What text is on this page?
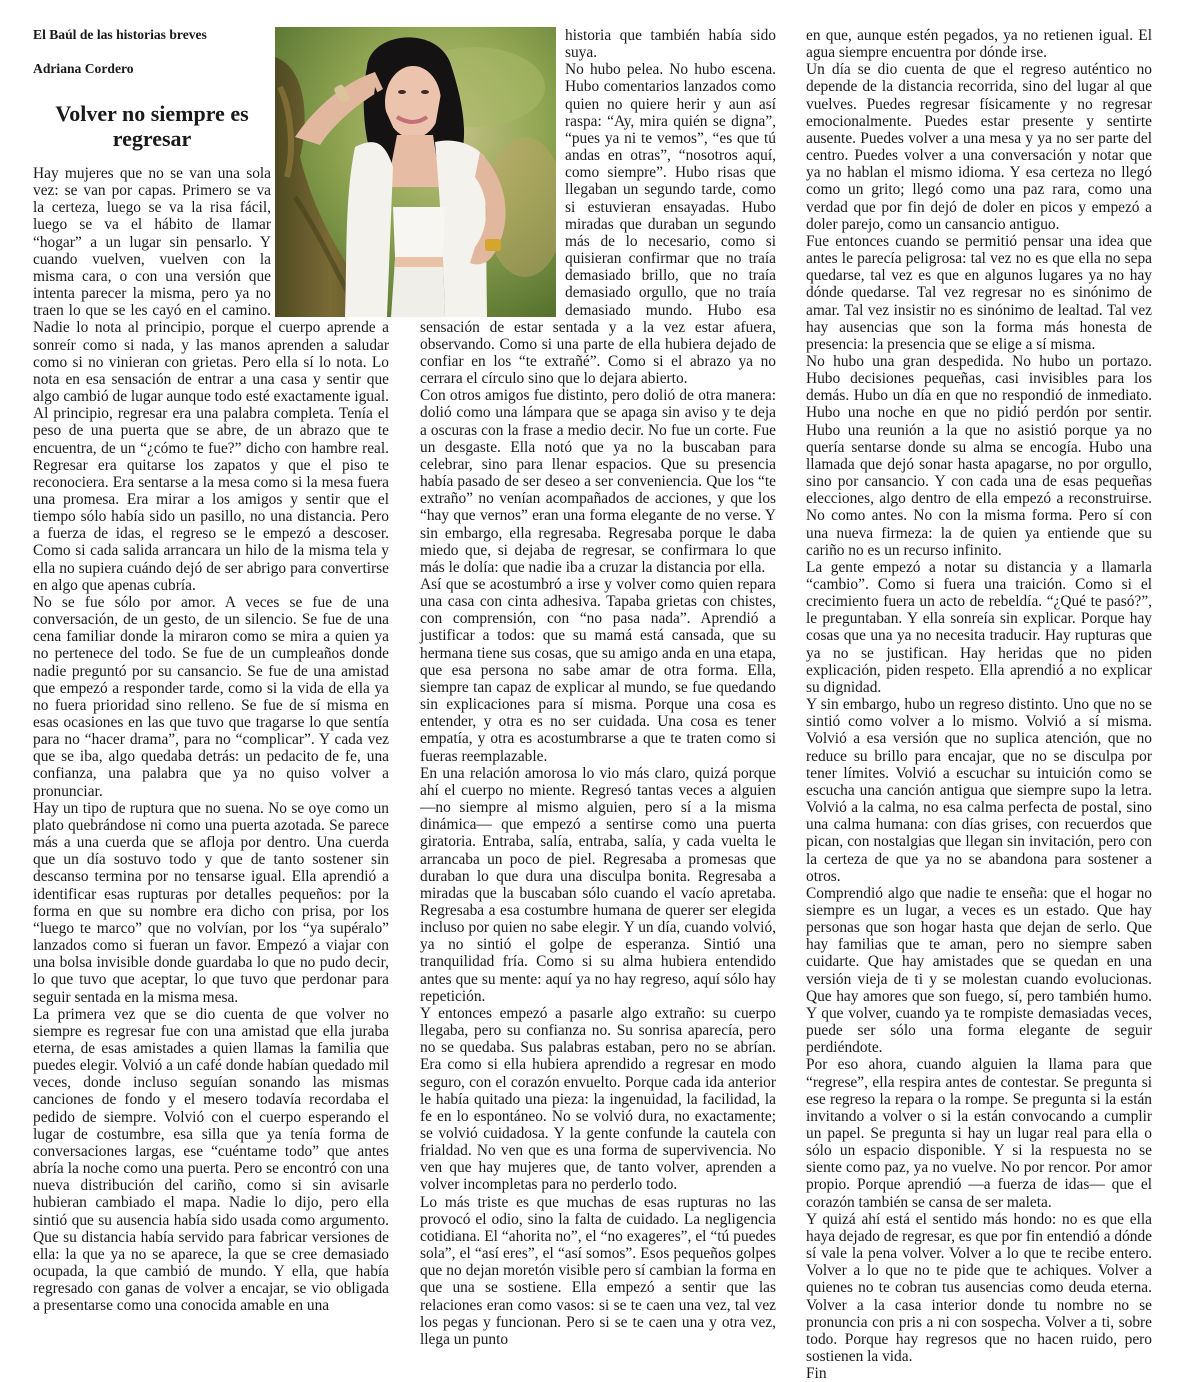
El Baúl de las historias breves

Adriana Cordero

Volver no siempre es regresar

Hay mujeres que no se van una sola vez: se van por capas. Primero se va la certeza, luego se va la risa fácil, luego se va el hábito de llamar “hogar” a un lugar sin pensarlo. Y cuando vuelven, vuelven con la misma cara, o con una versión que intenta parecer la misma, pero ya no traen lo que se les cayó en el camino. Nadie lo nota al principio, porque el cuerpo aprende a sonreír como si nada, y las manos aprenden a saludar como si no vinieran con grietas. Pero ella sí lo nota. Lo nota en esa sensación de entrar a una casa y sentir que algo cambió de lugar aunque todo esté exactamente igual.

Al principio, regresar era una palabra completa. Tenía el peso de una puerta que se abre, de un abrazo que te encuentra, de un “¿cómo te fue?” dicho con hambre real. Regresar era quitarse los zapatos y que el piso te reconociera. Era sentarse a la mesa como si la mesa fuera una promesa. Era mirar a los amigos y sentir que el tiempo sólo había sido un pasillo, no una distancia. Pero a fuerza de idas, el regreso se le empezó a descoser. Como si cada salida arrancara un hilo de la misma tela y ella no supiera cuándo dejó de ser abrigo para convertirse en algo que apenas cubría.

No se fue sólo por amor. A veces se fue de una conversación, de un gesto, de un silencio. Se fue de una cena familiar donde la miraron como se mira a quien ya no pertenece del todo. Se fue de un cumpleaños donde nadie preguntó por su cansancio. Se fue de una amistad que empezó a responder tarde, como si la vida de ella ya no fuera prioridad sino relleno. Se fue de sí misma en esas ocasiones en las que tuvo que tragarse lo que sentía para no “hacer drama”, para no “complicar”. Y cada vez que se iba, algo quedaba detrás: un pedacito de fe, una confianza, una palabra que ya no quiso volver a pronunciar.

Hay un tipo de ruptura que no suena. No se oye como un plato quebrándose ni como una puerta azotada. Se parece más a una cuerda que se afloja por dentro. Una cuerda que un día sostuvo todo y que de tanto sostener sin descanso termina por no tensarse igual. Ella aprendió a identificar esas rupturas por detalles pequeños: por la forma en que su nombre era dicho con prisa, por los “luego te marco” que no volvían, por los “ya supéralo” lanzados como si fueran un favor. Empezó a viajar con una bolsa invisible donde guardaba lo que no pudo decir, lo que tuvo que aceptar, lo que tuvo que perdonar para seguir sentada en la misma mesa.

La primera vez que se dio cuenta de que volver no siempre es regresar fue con una amistad que ella juraba eterna, de esas amistades a quien llamas la familia que puedes elegir. Volvió a un café donde habían quedado mil veces, donde incluso seguían sonando las mismas canciones de fondo y el mesero todavía recordaba el pedido de siempre. Volvió con el cuerpo esperando el lugar de costumbre, esa silla que ya tenía forma de conversaciones largas, ese “cuéntame todo” que antes abría la noche como una puerta. Pero se encontró con una nueva distribución del cariño, como si sin avisarle hubieran cambiado el mapa. Nadie lo dijo, pero ella sintió que su ausencia había sido usada como argumento. Que su distancia había servido para fabricar versiones de ella: la que ya no se aparece, la que se cree demasiado ocupada, la que cambió de mundo. Y ella, que había regresado con ganas de volver a encajar, se vio obligada a presentarse como una conocida amable en una

historia que también había sido suya.

No hubo pelea. No hubo escena. Hubo comentarios lanzados como quien no quiere herir y aun así raspa: “Ay, mira quién se digna”, “pues ya ni te vemos”, “es que tú andas en otras”, “nosotros aquí, como siempre”. Hubo risas que llegaban un segundo tarde, como si estuvieran ensayadas. Hubo miradas que duraban un segundo más de lo necesario, como si quisieran confirmar que no traía demasiado brillo, que no traía demasiado orgullo, que no traía demasiado mundo. Hubo esa sensación de estar sentada y a la vez estar afuera, observando. Como si una parte de ella hubiera dejado de confiar en los “te extrañé”. Como si el abrazo ya no cerrara el círculo sino que lo dejara abierto.

Con otros amigos fue distinto, pero dolió de otra manera: dolió como una lámpara que se apaga sin aviso y te deja a oscuras con la frase a medio decir. No fue un corte. Fue un desgaste. Ella notó que ya no la buscaban para celebrar, sino para llenar espacios. Que su presencia había pasado de ser deseo a ser conveniencia. Que los “te extraño” no venían acompañados de acciones, y que los “hay que vernos” eran una forma elegante de no verse. Y sin embargo, ella regresaba. Regresaba porque le daba miedo que, si dejaba de regresar, se confirmara lo que más le dolía: que nadie iba a cruzar la distancia por ella.

Así que se acostumbró a irse y volver como quien repara una casa con cinta adhesiva. Tapaba grietas con chistes, con comprensión, con “no pasa nada”. Aprendió a justificar a todos: que su mamá está cansada, que su hermana tiene sus cosas, que su amigo anda en una etapa, que esa persona no sabe amar de otra forma. Ella, siempre tan capaz de explicar al mundo, se fue quedando sin explicaciones para sí misma. Porque una cosa es entender, y otra es no ser cuidada. Una cosa es tener empatía, y otra es acostumbrarse a que te traten como si fueras reemplazable.

En una relación amorosa lo vio más claro, quizá porque ahí el cuerpo no miente. Regresó tantas veces a alguien —no siempre al mismo alguien, pero sí a la misma dinámica— que empezó a sentirse como una puerta giratoria. Entraba, salía, entraba, salía, y cada vuelta le arrancaba un poco de piel. Regresaba a promesas que duraban lo que dura una disculpa bonita. Regresaba a miradas que la buscaban sólo cuando el vacío apretaba. Regresaba a esa costumbre humana de querer ser elegida incluso por quien no sabe elegir. Y un día, cuando volvió, ya no sintió el golpe de esperanza. Sintió una tranquilidad fría. Como si su alma hubiera entendido antes que su mente: aquí ya no hay regreso, aquí sólo hay repetición.

Y entonces empezó a pasarle algo extraño: su cuerpo llegaba, pero su confianza no. Su sonrisa aparecía, pero no se quedaba. Sus palabras estaban, pero no se abrían. Era como si ella hubiera aprendido a regresar en modo seguro, con el corazón envuelto. Porque cada ida anterior le había quitado una pieza: la ingenuidad, la facilidad, la fe en lo espontáneo. No se volvió dura, no exactamente; se volvió cuidadosa. Y la gente confunde la cautela con frialdad. No ven que es una forma de supervivencia. No ven que hay mujeres que, de tanto volver, aprenden a volver incompletas para no perderlo todo.

Lo más triste es que muchas de esas rupturas no las provocó el odio, sino la falta de cuidado. La negligencia cotidiana. El “ahorita no”, el “no exageres”, el “tú puedes sola”, el “así eres”, el “así somos”. Esos pequeños golpes que no dejan moretón visible pero sí cambian la forma en que una se sostiene. Ella empezó a sentir que las relaciones eran como vasos: si se te caen una vez, tal vez los pegas y funcionan. Pero si se te caen una y otra vez, llega un punto

en que, aunque estén pegados, ya no retienen igual. El agua siempre encuentra por dónde irse.

Un día se dio cuenta de que el regreso auténtico no depende de la distancia recorrida, sino del lugar al que vuelves. Puedes regresar físicamente y no regresar emocionalmente. Puedes estar presente y sentirte ausente. Puedes volver a una mesa y ya no ser parte del centro. Puedes volver a una conversación y notar que ya no hablan el mismo idioma. Y esa certeza no llegó como un grito; llegó como una paz rara, como una verdad que por fin dejó de doler en picos y empezó a doler parejo, como un cansancio antiguo.

Fue entonces cuando se permitió pensar una idea que antes le parecía peligrosa: tal vez no es que ella no sepa quedarse, tal vez es que en algunos lugares ya no hay dónde quedarse. Tal vez regresar no es sinónimo de amar. Tal vez insistir no es sinónimo de lealtad. Tal vez hay ausencias que son la forma más honesta de presencia: la presencia que se elige a sí misma.

No hubo una gran despedida. No hubo un portazo. Hubo decisiones pequeñas, casi invisibles para los demás. Hubo un día en que no respondió de inmediato. Hubo una noche en que no pidió perdón por sentir. Hubo una reunión a la que no asistió porque ya no quería sentarse donde su alma se encogía. Hubo una llamada que dejó sonar hasta apagarse, no por orgullo, sino por cansancio. Y con cada una de esas pequeñas elecciones, algo dentro de ella empezó a reconstruirse. No como antes. No con la misma forma. Pero sí con una nueva firmeza: la de quien ya entiende que su cariño no es un recurso infinito.

La gente empezó a notar su distancia y a llamarla “cambio”. Como si fuera una traición. Como si el crecimiento fuera un acto de rebeldía. “¿Qué te pasó?”, le preguntaban. Y ella sonreía sin explicar. Porque hay cosas que una ya no necesita traducir. Hay rupturas que ya no se justifican. Hay heridas que no piden explicación, piden respeto. Ella aprendió a no explicar su dignidad.

Y sin embargo, hubo un regreso distinto. Uno que no se sintió como volver a lo mismo. Volvió a sí misma. Volvió a esa versión que no suplica atención, que no reduce su brillo para encajar, que no se disculpa por tener límites. Volvió a escuchar su intuición como se escucha una canción antigua que siempre supo la letra. Volvió a la calma, no esa calma perfecta de postal, sino una calma humana: con días grises, con recuerdos que pican, con nostalgias que llegan sin invitación, pero con la certeza de que ya no se abandona para sostener a otros.

Comprendió algo que nadie te enseña: que el hogar no siempre es un lugar, a veces es un estado. Que hay personas que son hogar hasta que dejan de serlo. Que hay familias que te aman, pero no siempre saben cuidarte. Que hay amistades que se quedan en una versión vieja de ti y se molestan cuando evolucionas. Que hay amores que son fuego, sí, pero también humo. Y que volver, cuando ya te rompiste demasiadas veces, puede ser sólo una forma elegante de seguir perdiéndote.

Por eso ahora, cuando alguien la llama para que “regrese”, ella respira antes de contestar. Se pregunta si ese regreso la repara o la rompe. Se pregunta si la están invitando a volver o si la están convocando a cumplir un papel. Se pregunta si hay un lugar real para ella o sólo un espacio disponible. Y si la respuesta no se siente como paz, ya no vuelve. No por rencor. Por amor propio. Porque aprendió —a fuerza de idas— que el corazón también se cansa de ser maleta.

Y quizá ahí está el sentido más hondo: no es que ella haya dejado de regresar, es que por fin entendió a dónde sí vale la pena volver. Volver a lo que te recibe entero. Volver a lo que no te pide que te achiques. Volver a quienes no te cobran tus ausencias como deuda eterna. Volver a la casa interior donde tu nombre no se pronuncia con pris a ni con sospecha. Volver a ti, sobre todo. Porque hay regresos que no hacen ruido, pero sostienen la vida.

Fin
